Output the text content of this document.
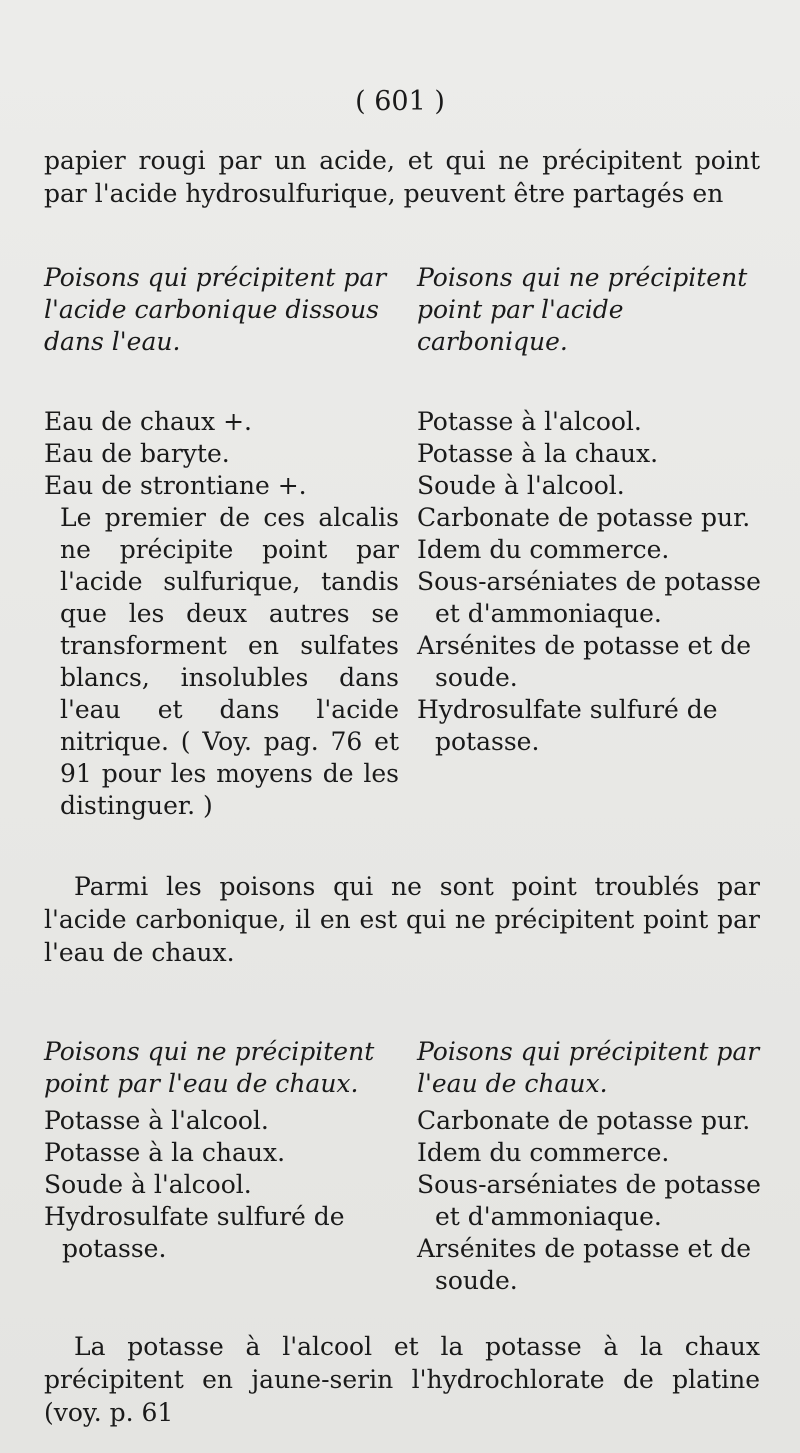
( 601 )
papier rougi par un acide, et qui ne précipitent point par l'acide hydrosulfurique, peuvent être partagés en
Poisons qui précipitent par l'acide carbonique dissous dans l'eau.
Poisons qui ne précipitent point par l'acide carbonique.
Eau de chaux +.
Eau de baryte.
Eau de strontiane +.
Le premier de ces alcalis ne précipite point par l'acide sulfurique, tandis que les deux autres se transforment en sulfates blancs, insolubles dans l'eau et dans l'acide nitrique. ( Voy. pag. 76 et 91 pour les moyens de les distinguer. )
Potasse à l'alcool.
Potasse à la chaux.
Soude à l'alcool.
Carbonate de potasse pur.
Idem du commerce.
Sous-arséniates de potasse et d'ammoniaque.
Arsénites de potasse et de soude.
Hydrosulfate sulfuré de potasse.
Parmi les poisons qui ne sont point troublés par l'acide carbonique, il en est qui ne précipitent point par l'eau de chaux.
Poisons qui ne précipitent point par l'eau de chaux.
Poisons qui précipitent par l'eau de chaux.
Potasse à l'alcool.
Potasse à la chaux.
Soude à l'alcool.
Hydrosulfate sulfuré de potasse.
Carbonate de potasse pur.
Idem du commerce.
Sous-arséniates de potasse et d'ammoniaque.
Arsénites de potasse et de soude.
La potasse à l'alcool et la potasse à la chaux précipitent en jaune-serin l'hydrochlorate de platine (voy. p. 61
